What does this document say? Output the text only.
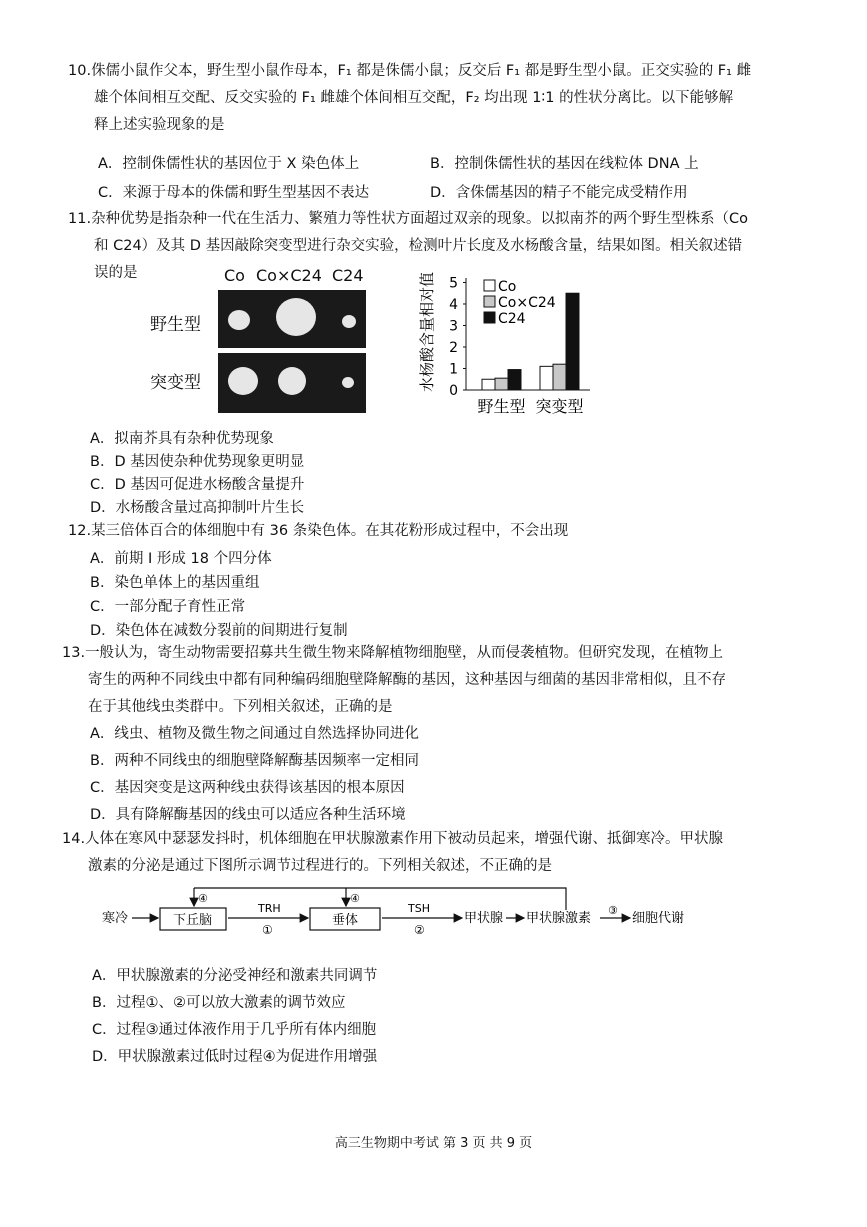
10.侏儒小鼠作父本，野生型小鼠作母本，F₁ 都是侏儒小鼠；反交后 F₁ 都是野生型小鼠。正交实验的 F₁ 雌
雄个体间相互交配、反交实验的 F₁ 雌雄个体间相互交配，F₂ 均出现 1∶1 的性状分离比。以下能够解
释上述实验现象的是
A．控制侏儒性状的基因位于 X 染色体上	B．控制侏儒性状的基因在线粒体 DNA 上
C．来源于母本的侏儒和野生型基因不表达	D．含侏儒基因的精子不能完成受精作用
11.杂种优势是指杂种一代在生活力、繁殖力等性状方面超过双亲的现象。以拟南芥的两个野生型株系（Co
和 C24）及其 D 基因敲除突变型进行杂交实验，检测叶片长度及水杨酸含量，结果如图。相关叙述错
误的是	Co Co×C24 C24
野生型
突变型	水杨酸含量相对值 0
1
2
3
4
5
野生型 突变型
Co
Co×C24
C24
A．拟南芥具有杂种优势现象
B．D 基因使杂种优势现象更明显
C．D 基因可促进水杨酸含量提升
D．水杨酸含量过高抑制叶片生长
12.某三倍体百合的体细胞中有 36 条染色体。在其花粉形成过程中，不会出现
A．前期 Ⅰ 形成 18 个四分体
B．染色单体上的基因重组
C．一部分配子育性正常
D．染色体在减数分裂前的间期进行复制
13.一般认为，寄生动物需要招募共生微生物来降解植物细胞壁，从而侵袭植物。但研究发现，在植物上
寄生的两种不同线虫中都有同种编码细胞壁降解酶的基因，这种基因与细菌的基因非常相似，且不存
在于其他线虫类群中。下列相关叙述，正确的是
A．线虫、植物及微生物之间通过自然选择协同进化
B．两种不同线虫的细胞壁降解酶基因频率一定相同
C．基因突变是这两种线虫获得该基因的根本原因
D．具有降解酶基因的线虫可以适应各种生活环境
14.人体在寒风中瑟瑟发抖时，机体细胞在甲状腺激素作用下被动员起来，增强代谢、抵御寒冷。甲状腺
激素的分泌是通过下图所示调节过程进行的。下列相关叙述，不正确的是
寒冷	下丘脑
TRH
①
垂体
TSH
②
甲状腺 甲状腺激素
③
细胞代谢
④	④
A．甲状腺激素的分泌受神经和激素共同调节
B．过程①、②可以放大激素的调节效应
C．过程③通过体液作用于几乎所有体内细胞
D．甲状腺激素过低时过程④为促进作用增强
高三生物期中考试 第 3 页 共 9 页
